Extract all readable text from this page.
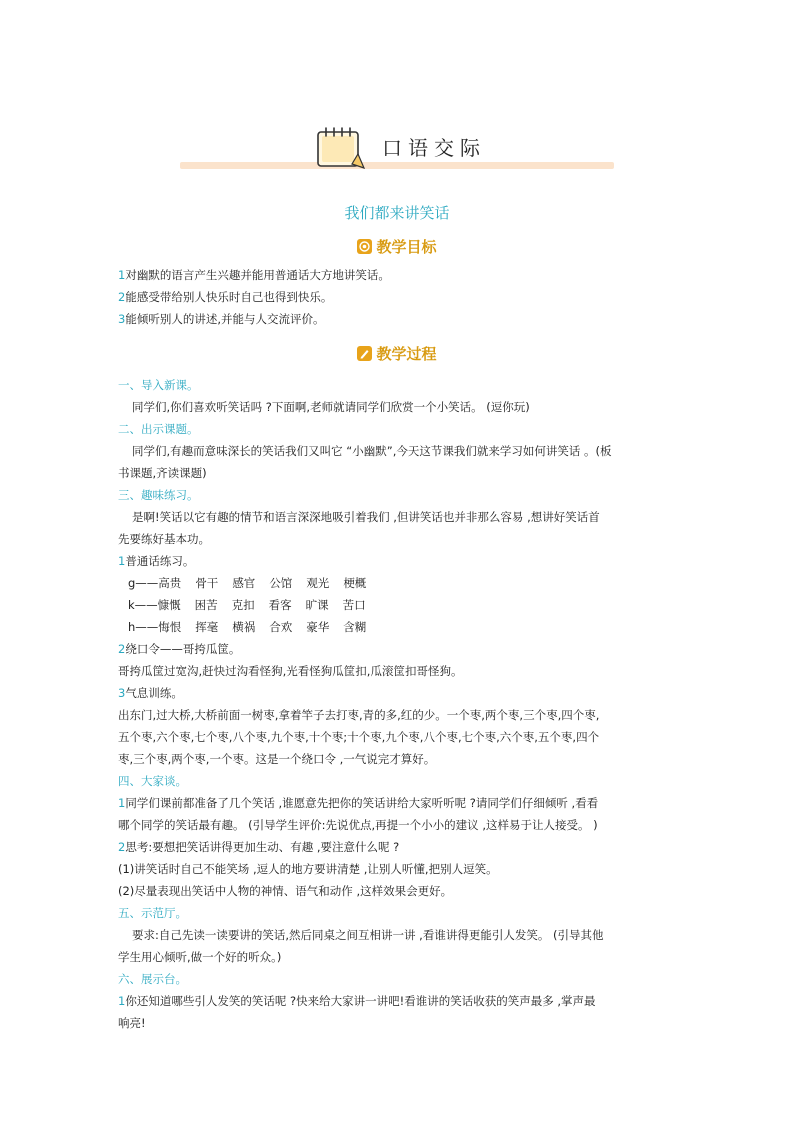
口语交际
我们都来讲笑话
教学目标

1对幽默的语言产生兴趣并能用普通话大方地讲笑话。

2能感受带给别人快乐时自己也得到快乐。

3能倾听别人的讲述,并能与人交流评价。

一、导入新课。

同学们,你们喜欢听笑话吗 ?下面啊,老师就请同学们欣赏一个小笑话。 (逗你玩)

二、出示课题。

同学们,有趣而意味深长的笑话我们又叫它 “小幽默”,今天这节课我们就来学习如何讲笑话 。(板

书课题,齐读课题)

三、趣味练习。

是啊!笑话以它有趣的情节和语言深深地吸引着我们 ,但讲笑话也并非那么容易 ,想讲好笑话首

先要练好基本功。

1普通话练习。

g——高贵 骨干 感官 公馆 观光 梗概

k——慷慨 困苦 克扣 看客 旷课 苦口

h——悔恨 挥毫 横祸 合欢 豪华 含糊

2绕口令——哥挎瓜筐。

哥挎瓜筐过宽沟,赶快过沟看怪狗,光看怪狗瓜筐扣,瓜滚筐扣哥怪狗。

3气息训练。

出东门,过大桥,大桥前面一树枣,拿着竿子去打枣,青的多,红的少。一个枣,两个枣,三个枣,四个枣,

五个枣,六个枣,七个枣,八个枣,九个枣,十个枣;十个枣,九个枣,八个枣,七个枣,六个枣,五个枣,四个

枣,三个枣,两个枣,一个枣。这是一个绕口令 ,一气说完才算好。

四、大家谈。

1同学们课前都准备了几个笑话 ,谁愿意先把你的笑话讲给大家听听呢 ?请同学们仔细倾听 ,看看

哪个同学的笑话最有趣。 (引导学生评价:先说优点,再提一个小小的建议 ,这样易于让人接受。 )

2思考:要想把笑话讲得更加生动、有趣 ,要注意什么呢 ?

(1)讲笑话时自己不能笑场 ,逗人的地方要讲清楚 ,让别人听懂,把别人逗笑。

(2)尽量表现出笑话中人物的神情、语气和动作 ,这样效果会更好。

五、示范厅。

要求:自己先读一读要讲的笑话,然后同桌之间互相讲一讲 ,看谁讲得更能引人发笑。 (引导其他

学生用心倾听,做一个好的听众。)

六、展示台。

1你还知道哪些引人发笑的笑话呢 ?快来给大家讲一讲吧!看谁讲的笑话收获的笑声最多 ,掌声最

响亮!

教学过程
